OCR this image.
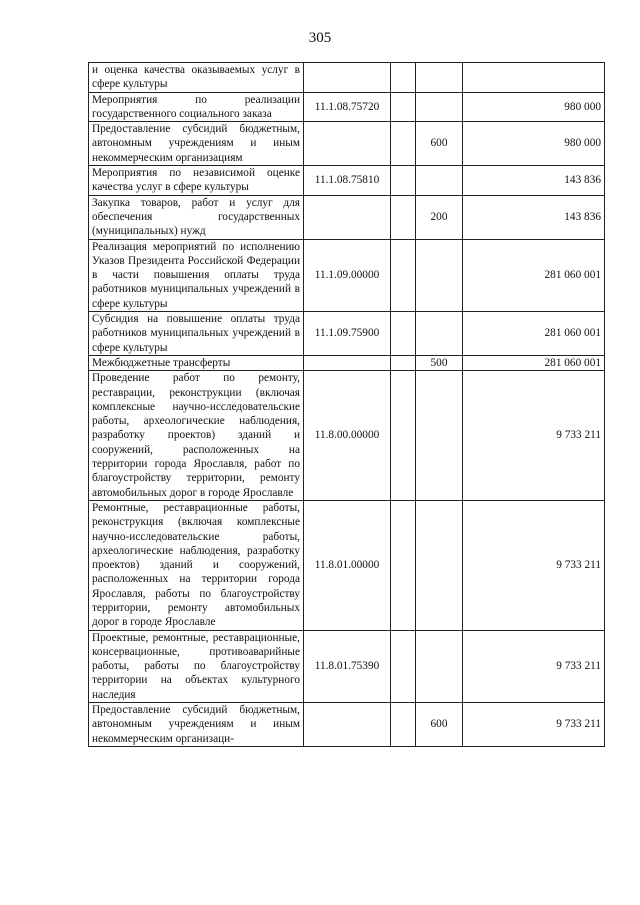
305
и оценка качества оказываемых услуг в сфере культуры				
Мероприятия по реализации государственного социального заказа	11.1.08.75720			980 000
Предоставление субсидий бюджетным, автономным учреждениям и иным некоммерческим организациям			600	980 000
Мероприятия по независимой оценке качества услуг в сфере культуры	11.1.08.75810			143 836
Закупка товаров, работ и услуг для обеспечения государственных (муниципальных) нужд			200	143 836
Реализация мероприятий по исполнению Указов Президента Российской Федерации в части повышения оплаты труда работников муниципальных учреждений в сфере культуры	11.1.09.00000			281 060 001
Субсидия на повышение оплаты труда работников муниципальных учреждений в сфере культуры	11.1.09.75900			281 060 001
Межбюджетные трансферты			500	281 060 001
Проведение работ по ремонту, реставрации, реконструкции (включая комплексные научно-исследовательские работы, археологические наблюдения, разработку проектов) зданий и сооружений, расположенных на территории города Ярославля, работ по благоустройству территории, ремонту автомобильных дорог в городе Ярославле	11.8.00.00000			9 733 211
Ремонтные, реставрационные работы, реконструкция (включая комплексные научно-исследовательские работы, археологические наблюдения, разработку проектов) зданий и сооружений, расположенных на территории города Ярославля, работы по благоустройству территории, ремонту автомобильных дорог в городе Ярославле	11.8.01.00000			9 733 211
Проектные, ремонтные, реставрационные, консервационные, противоаварийные работы, работы по благоустройству территории на объектах культурного наследия	11.8.01.75390			9 733 211
Предоставление субсидий бюджетным, автономным учреждениям и иным некоммерческим организаци-			600	9 733 211
